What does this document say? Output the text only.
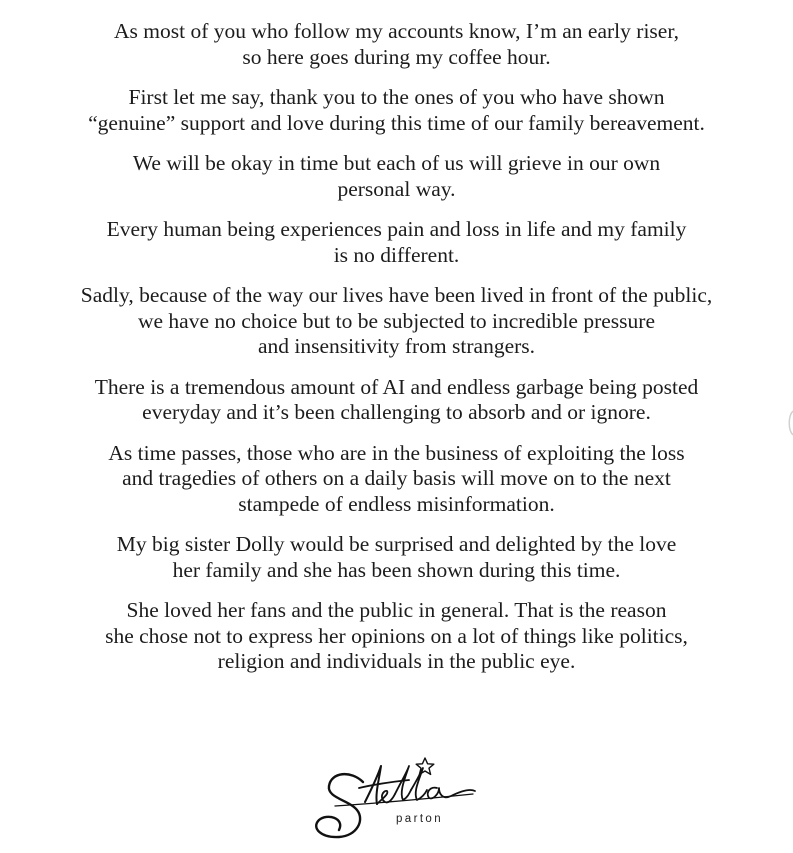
As most of you who follow my accounts know, I’m an early riser,
so here goes during my coffee hour.

First let me say, thank you to the ones of you who have shown
“genuine” support and love during this time of our family bereavement.

We will be okay in time but each of us will grieve in our own
personal way.

Every human being experiences pain and loss in life and my family
is no different.

Sadly, because of the way our lives have been lived in front of the public,
we have no choice but to be subjected to incredible pressure
and insensitivity from strangers.

There is a tremendous amount of AI and endless garbage being posted
everyday and it’s been challenging to absorb and or ignore.

As time passes, those who are in the business of exploiting the loss
and tragedies of others on a daily basis will move on to the next
stampede of endless misinformation.

My big sister Dolly would be surprised and delighted by the love
her family and she has been shown during this time.

She loved her fans and the public in general. That is the reason
she chose not to express her opinions on a lot of things like politics,
religion and individuals in the public eye.

parton
